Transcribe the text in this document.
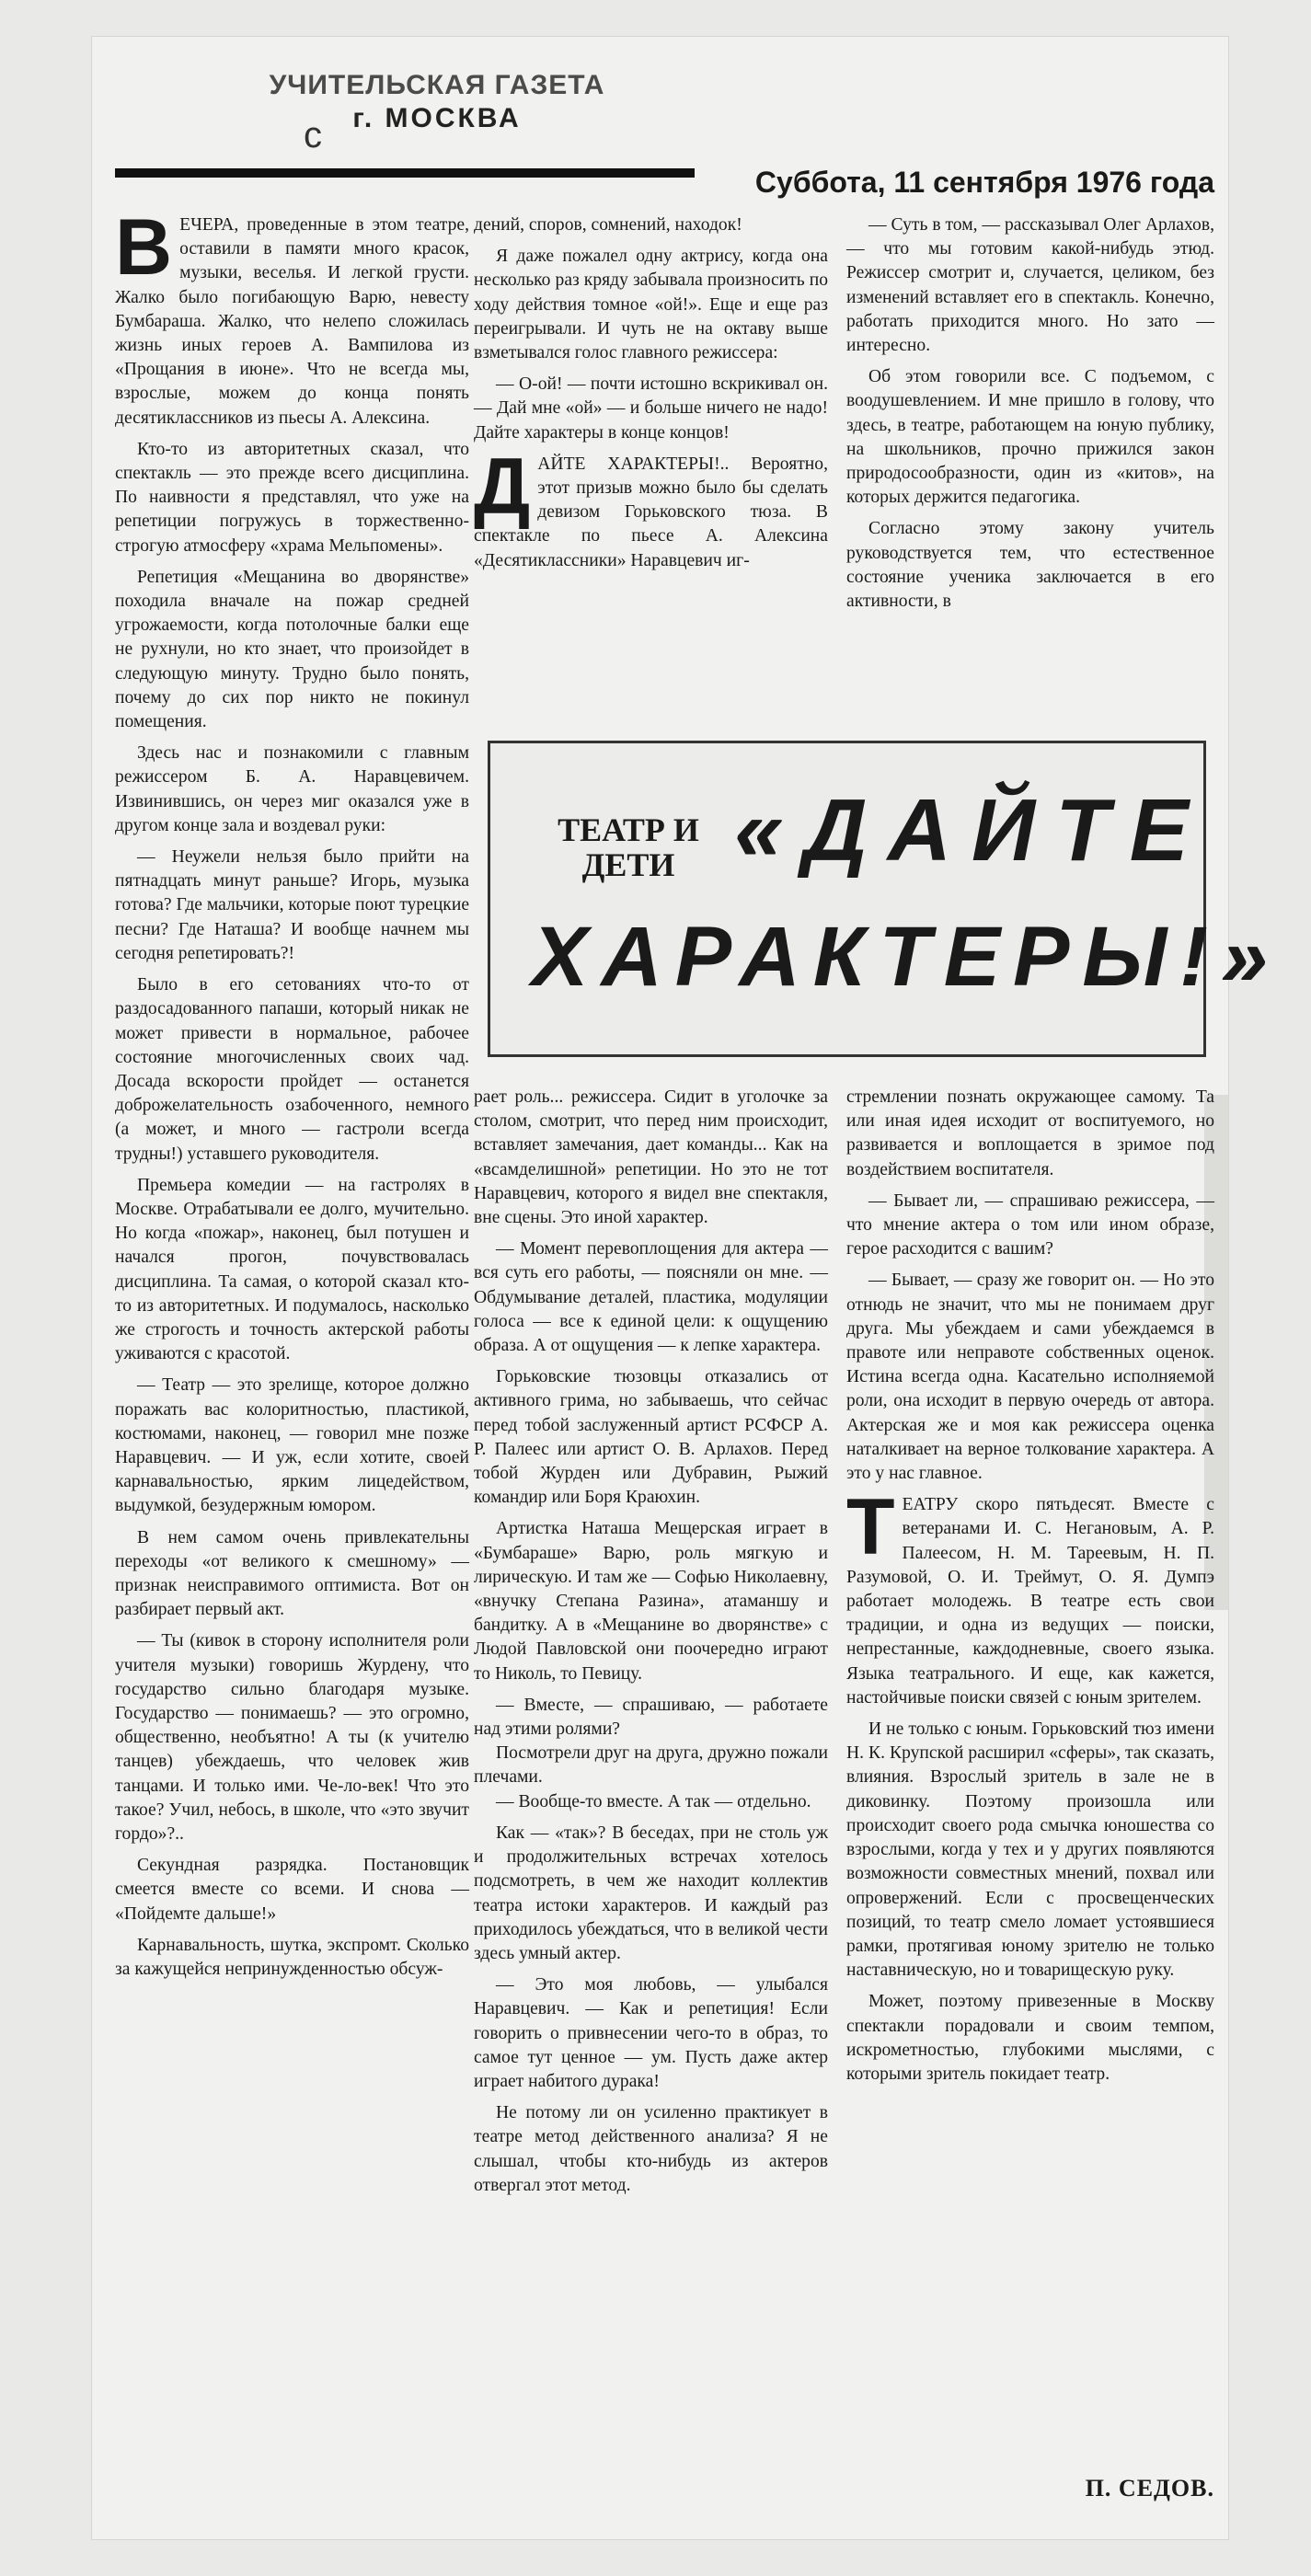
УЧИТЕЛЬСКАЯ ГАЗЕТА
г. МОСКВА
ᴄ
Суббота, 11 сентября 1976 года

ВЕЧЕРА, проведенные в этом театре, оставили в памяти много красок, музыки, веселья. И легкой грусти. Жалко было погибающую Варю, невесту Бумбараша. Жалко, что нелепо сложилась жизнь иных героев А. Вампилова из «Прощания в июне». Что не всегда мы, взрослые, можем до конца понять десятиклассников из пьесы А. Алексина.

Кто-то из авторитетных сказал, что спектакль — это прежде всего дисциплина. По наивности я представлял, что уже на репетиции погружусь в торжественно-строгую атмосферу «храма Мельпомены».

Репетиция «Мещанина во дворянстве» походила вначале на пожар средней угрожаемости, когда потолочные балки еще не рухнули, но кто знает, что произойдет в следующую минуту. Трудно было понять, почему до сих пор никто не покинул помещения.

Здесь нас и познакомили с главным режиссером Б. А. Наравцевичем. Извинившись, он через миг оказался уже в другом конце зала и воздевал руки:

— Неужели нельзя было прийти на пятнадцать минут раньше? Игорь, музыка готова? Где мальчики, которые поют турецкие песни? Где Наташа? И вообще начнем мы сегодня репетировать?!

Было в его сетованиях что-то от раздосадованного папаши, который никак не может привести в нормальное, рабочее состояние многочисленных своих чад. Досада вскорости пройдет — останется доброжелательность озабоченного, немного (а может, и много — гастроли всегда трудны!) уставшего руководителя.

Премьера комедии — на гастролях в Москве. Отрабатывали ее долго, мучительно. Но когда «пожар», наконец, был потушен и начался прогон, почувствовалась дисциплина. Та самая, о которой сказал кто-то из авторитетных. И подумалось, насколько же строгость и точность актерской работы уживаются с красотой.

— Театр — это зрелище, которое должно поражать вас колоритностью, пластикой, костюмами, наконец, — говорил мне позже Наравцевич. — И уж, если хотите, своей карнавальностью, ярким лицедейством, выдумкой, безудержным юмором.

В нем самом очень привлекательны переходы «от великого к смешному» — признак неисправимого оптимиста. Вот он разбирает первый акт.

— Ты (кивок в сторону исполнителя роли учителя музыки) говоришь Журдену, что государство сильно благодаря музыке. Государство — понимаешь? — это огромно, общественно, необъятно! А ты (к учителю танцев) убеждаешь, что человек жив танцами. И только ими. Че-ло-век! Что это такое? Учил, небось, в школе, что «это звучит гордо»?..

Секундная разрядка. Постановщик смеется вместе со всеми. И снова — «Пойдемте дальше!»

Карнавальность, шутка, экспромт. Сколько за кажущейся непринужденностью обсуж-

дений, споров, сомнений, находок!

Я даже пожалел одну актрису, когда она несколько раз кряду забывала произносить по ходу действия томное «ой!». Еще и еще раз переигрывали. И чуть не на октаву выше взметывался голос главного режиссера:

— О-ой! — почти истошно вскрикивал он. — Дай мне «ой» — и больше ничего не надо! Дайте характеры в конце концов!

ДАЙТЕ ХАРАКТЕРЫ!.. Вероятно, этот призыв можно было бы сделать девизом Горьковского тюза. В спектакле по пьесе А. Алексина «Десятиклассники» Наравцевич иг-

— Суть в том, — рассказывал Олег Арлахов, — что мы готовим какой-нибудь этюд. Режиссер смотрит и, случается, целиком, без изменений вставляет его в спектакль. Конечно, работать приходится много. Но зато — интересно.

Об этом говорили все. С подъемом, с воодушевлением. И мне пришло в голову, что здесь, в театре, работающем на юную публику, на школьников, прочно прижился закон природосообразности, один из «китов», на которых держится педагогика.

Согласно этому закону учитель руководствуется тем, что естественное состояние ученика заключается в его активности, в

ТЕАТР И ДЕТИ «ДАЙТЕ
ХАРАКТЕРЫ!»

рает роль... режиссера. Сидит в уголочке за столом, смотрит, что перед ним происходит, вставляет замечания, дает команды... Как на «всамделишной» репетиции. Но это не тот Наравцевич, которого я видел вне спектакля, вне сцены. Это иной характер.

— Момент перевоплощения для актера — вся суть его работы, — поясняли он мне. — Обдумывание деталей, пластика, модуляции голоса — все к единой цели: к ощущению образа. А от ощущения — к лепке характера.

Горьковские тюзовцы отказались от активного грима, но забываешь, что сейчас перед тобой заслуженный артист РСФСР А. Р. Палеес или артист О. В. Арлахов. Перед тобой Журден или Дубравин, Рыжий командир или Боря Краюхин.

Артистка Наташа Мещерская играет в «Бумбараше» Варю, роль мягкую и лирическую. И там же — Софью Николаевну, «внучку Степана Разина», атаманшу и бандитку. А в «Мещанине во дворянстве» с Людой Павловской они поочередно играют то Николь, то Певицу.

— Вместе, — спрашиваю, — работаете над этими ролями?

Посмотрели друг на друга, дружно пожали плечами.

— Вообще-то вместе. А так — отдельно.

Как — «так»? В беседах, при не столь уж и продолжительных встречах хотелось подсмотреть, в чем же находит коллектив театра истоки характеров. И каждый раз приходилось убеждаться, что в великой чести здесь умный актер.

— Это моя любовь, — улыбался Наравцевич. — Как и репетиция! Если говорить о привнесении чего-то в образ, то самое тут ценное — ум. Пусть даже актер играет набитого дурака!

Не потому ли он усиленно практикует в театре метод действенного анализа? Я не слышал, чтобы кто-нибудь из актеров отвергал этот метод.

стремлении познать окружающее самому. Та или иная идея исходит от воспитуемого, но развивается и воплощается в зримое под воздействием воспитателя.

— Бывает ли, — спрашиваю режиссера, — что мнение актера о том или ином образе, герое расходится с вашим?

— Бывает, — сразу же говорит он. — Но это отнюдь не значит, что мы не понимаем друг друга. Мы убеждаем и сами убеждаемся в правоте или неправоте собственных оценок. Истина всегда одна. Касательно исполняемой роли, она исходит в первую очередь от автора. Актерская же и моя как режиссера оценка наталкивает на верное толкование характера. А это у нас главное.

ТЕАТРУ скоро пятьдесят. Вместе с ветеранами И. С. Негановым, А. Р. Палеесом, Н. М. Тареевым, Н. П. Разумовой, О. И. Треймут, О. Я. Думпэ работает молодежь. В театре есть свои традиции, и одна из ведущих — поиски, непрестанные, каждодневные, своего языка. Языка театрального. И еще, как кажется, настойчивые поиски связей с юным зрителем.

И не только с юным. Горьковский тюз имени Н. К. Крупской расширил «сферы», так сказать, влияния. Взрослый зритель в зале не в диковинку. Поэтому произошла или происходит своего рода смычка юношества со взрослыми, когда у тех и у других появляются возможности совместных мнений, похвал или опровержений. Если с просвещенческих позиций, то театр смело ломает устоявшиеся рамки, протягивая юному зрителю не только наставническую, но и товарищескую руку.

Может, поэтому привезенные в Москву спектакли порадовали и своим темпом, искрометностью, глубокими мыслями, с которыми зритель покидает театр.

П. СЕДОВ.
